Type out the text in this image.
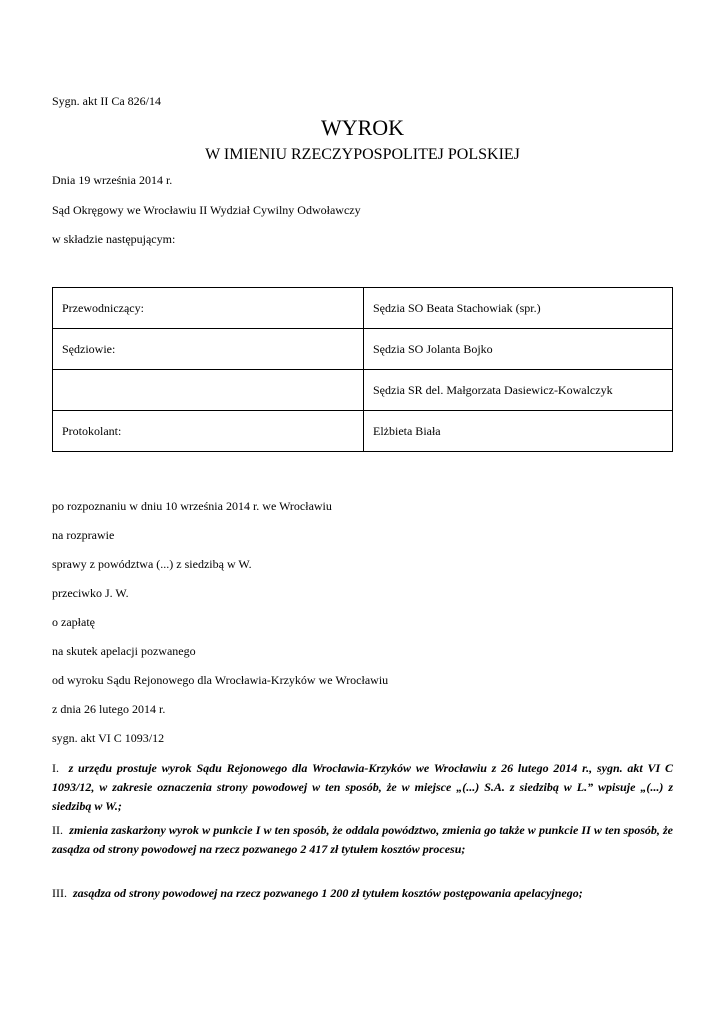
Sygn. akt II Ca 826/14
WYROK
W IMIENIU RZECZYPOSPOLITEJ POLSKIEJ
Dnia 19 września 2014 r.
Sąd Okręgowy we Wrocławiu II Wydział Cywilny Odwoławczy
w składzie następującym:
Przewodniczący:	Sędzia SO Beata Stachowiak (spr.)
Sędziowie:	Sędzia SO Jolanta Bojko
	Sędzia SR del. Małgorzata Dasiewicz-Kowalczyk
Protokolant:	Elżbieta Biała
po rozpoznaniu w dniu 10 września 2014 r. we Wrocławiu
na rozprawie
sprawy z powództwa (...) z siedzibą w W.
przeciwko J. W.
o zapłatę
na skutek apelacji pozwanego
od wyroku Sądu Rejonowego dla Wrocławia-Krzyków we Wrocławiu
z dnia 26 lutego 2014 r.
sygn. akt VI C 1093/12
I. z urzędu prostuje wyrok Sądu Rejonowego dla Wrocławia-Krzyków we Wrocławiu z 26 lutego 2014 r., sygn. akt VI C 1093/12, w zakresie oznaczenia strony powodowej w ten sposób, że w miejsce „(...) S.A. z siedzibą w L.” wpisuje „(...) z siedzibą w W.;
II. zmienia zaskarżony wyrok w punkcie I w ten sposób, że oddala powództwo, zmienia go także w punkcie II w ten sposób, że zasądza od strony powodowej na rzecz pozwanego 2 417 zł tytułem kosztów procesu;
III. zasądza od strony powodowej na rzecz pozwanego 1 200 zł tytułem kosztów postępowania apelacyjnego;
